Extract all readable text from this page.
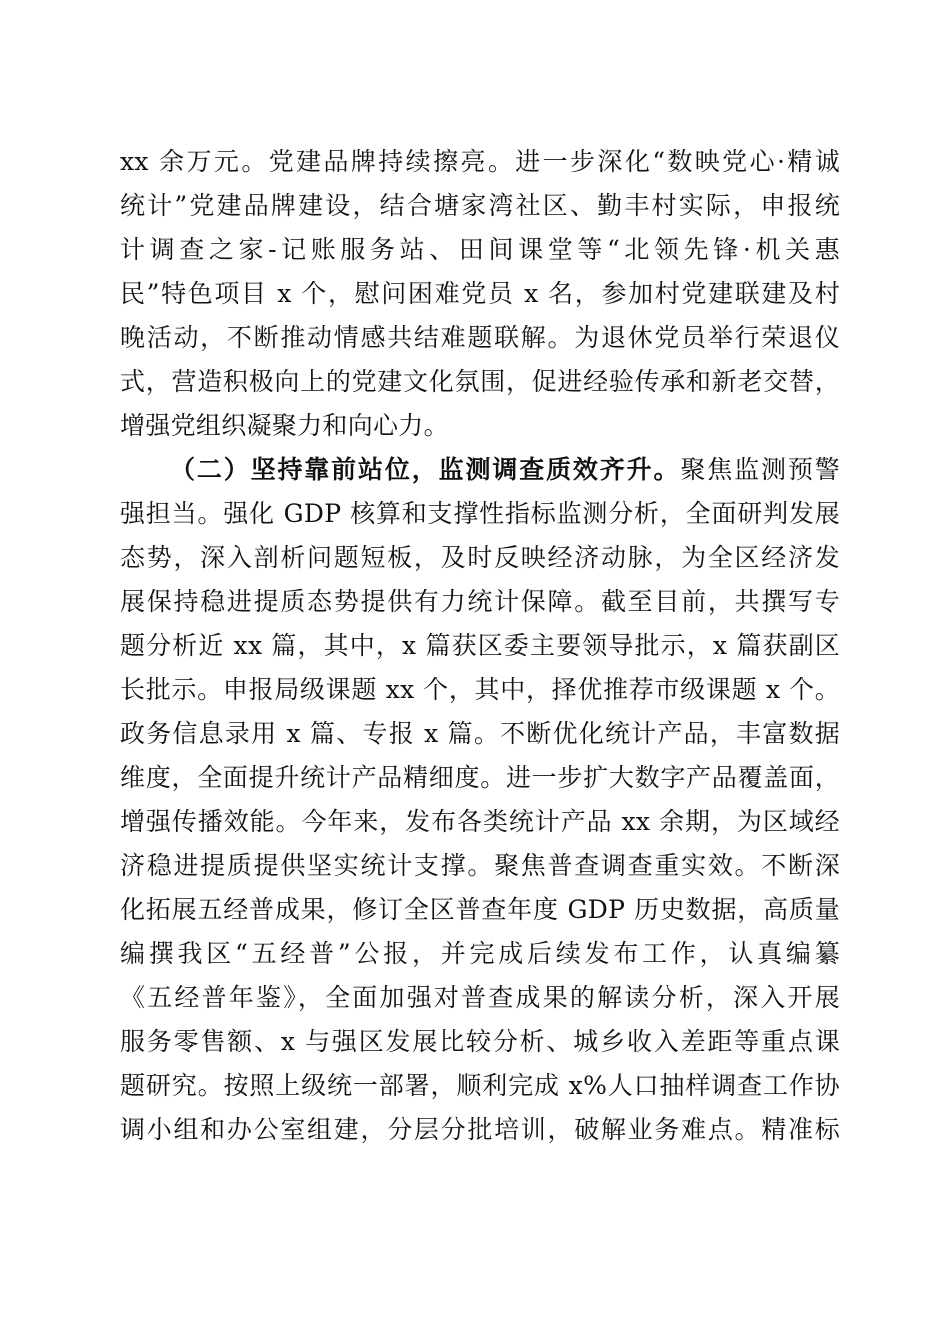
xx 余万元。党建品牌持续擦亮。进一步深化“数映党心·精诚
统计”党建品牌建设，结合塘家湾社区、勤丰村实际，申报统
计调查之家-记账服务站、田间课堂等“北领先锋·机关惠
民”特色项目 x 个，慰问困难党员 x 名，参加村党建联建及村
晚活动，不断推动情感共结难题联解。为退休党员举行荣退仪
式，营造积极向上的党建文化氛围，促进经验传承和新老交替，
增强党组织凝聚力和向心力。
（二）坚持靠前站位，监测调查质效齐升。聚焦监测预警
强担当。强化 GDP 核算和支撑性指标监测分析，全面研判发展
态势，深入剖析问题短板，及时反映经济动脉，为全区经济发
展保持稳进提质态势提供有力统计保障。截至目前，共撰写专
题分析近 xx 篇，其中，x 篇获区委主要领导批示，x 篇获副区
长批示。申报局级课题 xx 个，其中，择优推荐市级课题 x 个。
政务信息录用 x 篇、专报 x 篇。不断优化统计产品，丰富数据
维度，全面提升统计产品精细度。进一步扩大数字产品覆盖面，
增强传播效能。今年来，发布各类统计产品 xx 余期，为区域经
济稳进提质提供坚实统计支撑。聚焦普查调查重实效。不断深
化拓展五经普成果，修订全区普查年度 GDP 历史数据，高质量
编撰我区“五经普”公报，并完成后续发布工作，认真编纂
《五经普年鉴》，全面加强对普查成果的解读分析，深入开展
服务零售额、x 与强区发展比较分析、城乡收入差距等重点课
题研究。按照上级统一部署，顺利完成 x%人口抽样调查工作协
调小组和办公室组建，分层分批培训，破解业务难点。精准标
